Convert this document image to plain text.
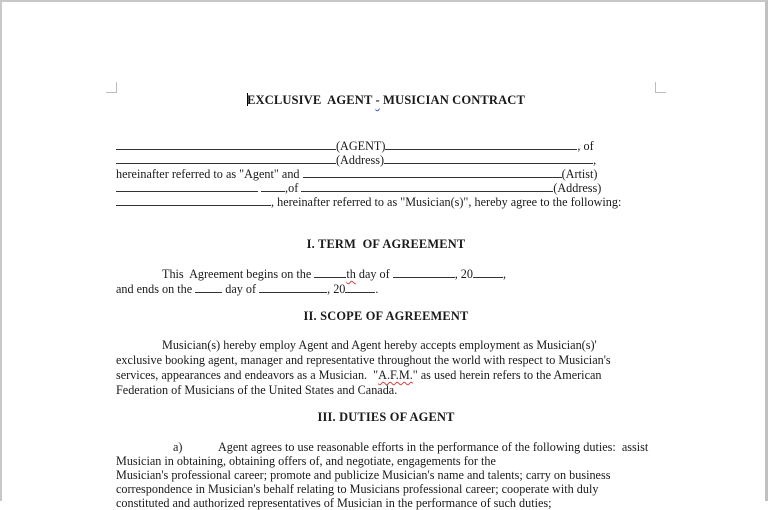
EXCLUSIVE  AGENT - MUSICIAN CONTRACT
(AGENT)	, of
(Address)	,
hereinafter referred to as "Agent" and	(Artist)
,of	(Address)
, hereinafter referred to as "Musician(s)", hereby agree to the following:
I. TERM  OF AGREEMENT
This  Agreement begins on the	th day of	, 20 ,
and ends on the  day of	, 20 .
II. SCOPE OF AGREEMENT
Musician(s) hereby employ Agent and Agent hereby accepts employment as Musician(s)'
exclusive booking agent, manager and representative throughout the world with respect to Musician's
services, appearances and endeavors as a Musician.  "A.F.M." as used herein refers to the American
Federation of Musicians of the United States and Canada.
III. DUTIES OF AGENT
a)	Agent agrees to use reasonable efforts in the performance of the following duties:  assist
Musician in obtaining, obtaining offers of, and negotiate, engagements for the
Musician's professional career; promote and publicize Musician's name and talents; carry on business
correspondence in Musician's behalf relating to Musicians professional career; cooperate with duly
constituted and authorized representatives of Musician in the performance of such duties;
